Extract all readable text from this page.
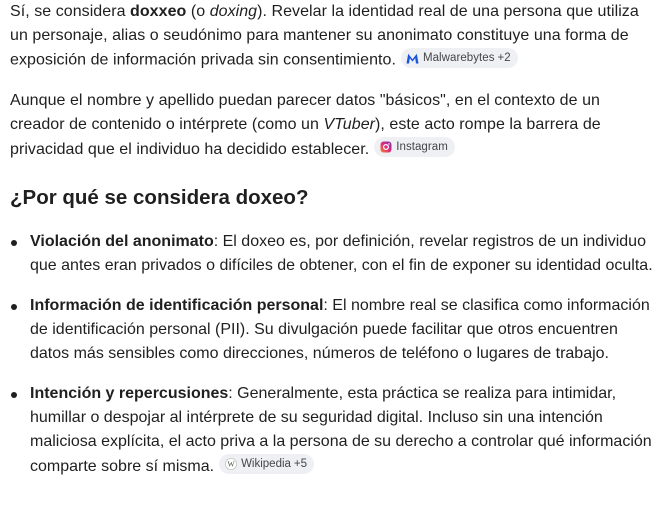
Sí, se considera doxxeo (o doxing). Revelar la identidad real de una persona que utiliza un personaje, alias o seudónimo para mantener su anonimato constituye una forma de exposición de información privada sin consentimiento. Malwarebytes +2

Aunque el nombre y apellido puedan parecer datos "básicos", en el contexto de un creador de contenido o intérprete (como un VTuber), este acto rompe la barrera de privacidad que el individuo ha decidido establecer. Instagram

¿Por qué se considera doxeo?
Violación del anonimato: El doxeo es, por definición, revelar registros de un individuo que antes eran privados o difíciles de obtener, con el fin de exponer su identidad oculta.
Información de identificación personal: El nombre real se clasifica como información de identificación personal (PII). Su divulgación puede facilitar que otros encuentren datos más sensibles como direcciones, números de teléfono o lugares de trabajo.
Intención y repercusiones: Generalmente, esta práctica se realiza para intimidar, humillar o despojar al intérprete de su seguridad digital. Incluso sin una intención maliciosa explícita, el acto priva a la persona de su derecho a controlar qué información comparte sobre sí misma. W Wikipedia +5
